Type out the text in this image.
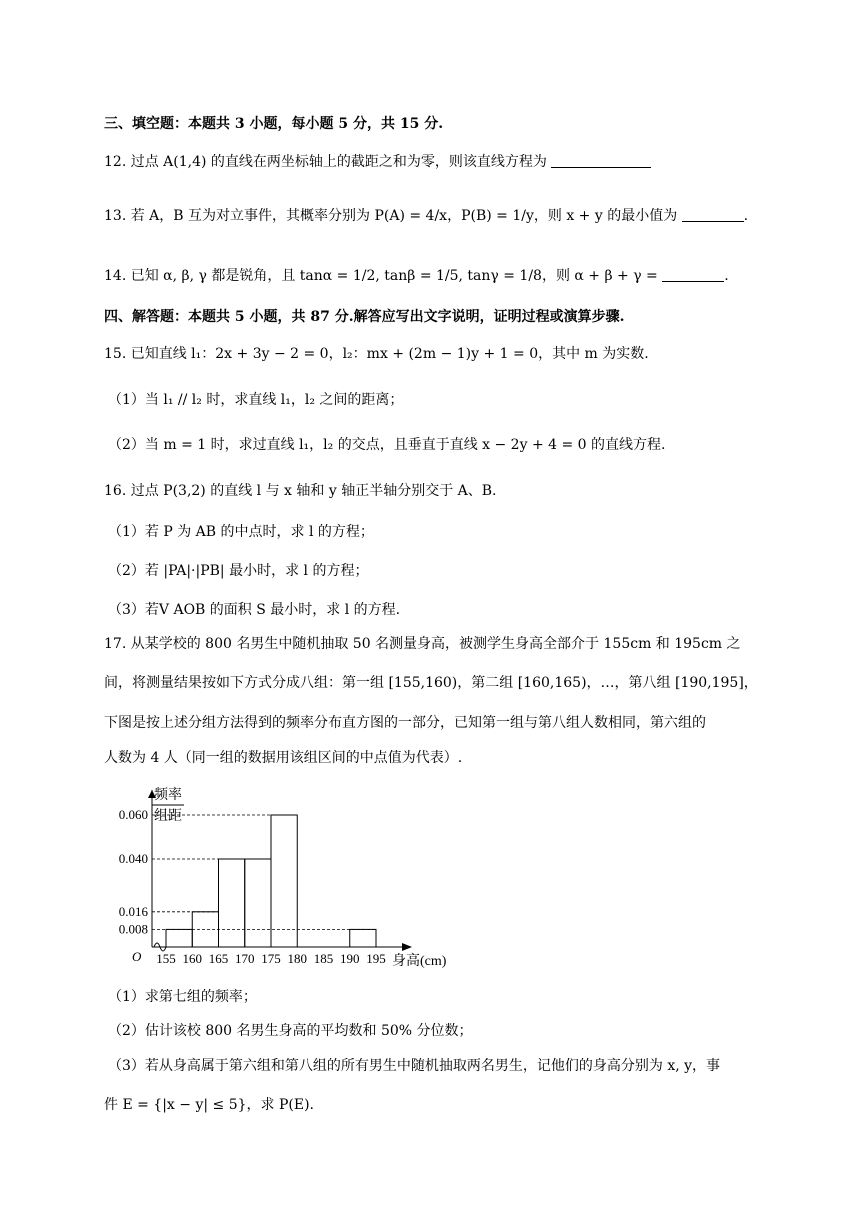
三、填空题：本题共 3 小题，每小题 5 分，共 15 分.
12. 过点 A(1,4) 的直线在两坐标轴上的截距之和为零，则该直线方程为
13. 若 A，B 互为对立事件，其概率分别为 P(A) = 4/x，P(B) = 1/y，则 x + y 的最小值为	.
14. 已知 α, β, γ 都是锐角，且 tanα = 1/2, tanβ = 1/5, tanγ = 1/8，则 α + β + γ =	.
四、解答题：本题共 5 小题，共 87 分.解答应写出文字说明，证明过程或演算步骤.
15. 已知直线 l₁：2x + 3y − 2 = 0，l₂：mx + (2m − 1)y + 1 = 0，其中 m 为实数.
（1）当 l₁ // l₂ 时，求直线 l₁，l₂ 之间的距离；
（2）当 m = 1 时，求过直线 l₁，l₂ 的交点，且垂直于直线 x − 2y + 4 = 0 的直线方程.
16. 过点 P(3,2) 的直线 l 与 x 轴和 y 轴正半轴分别交于 A、B.
（1）若 P 为 AB 的中点时，求 l 的方程；
（2）若 |PA|·|PB| 最小时，求 l 的方程；
（3）若V AOB 的面积 S 最小时，求 l 的方程.
17. 从某学校的 800 名男生中随机抽取 50 名测量身高，被测学生身高全部介于 155cm 和 195cm 之
间，将测量结果按如下方式分成八组：第一组 [155,160)，第二组 [160,165)，…，第八组 [190,195]，
下图是按上述分组方法得到的频率分布直方图的一部分，已知第一组与第八组人数相同，第六组的
人数为 4 人（同一组的数据用该组区间的中点值为代表）.
频率
组距
0.008
0.016
0.040
0.060
155 160 165 170 175 180 185 190 195 身高(cm)
O
（1）求第七组的频率；
（2）估计该校 800 名男生身高的平均数和 50% 分位数；
（3）若从身高属于第六组和第八组的所有男生中随机抽取两名男生，记他们的身高分别为 x, y，事
件 E = {|x − y| ≤ 5}，求 P(E).
